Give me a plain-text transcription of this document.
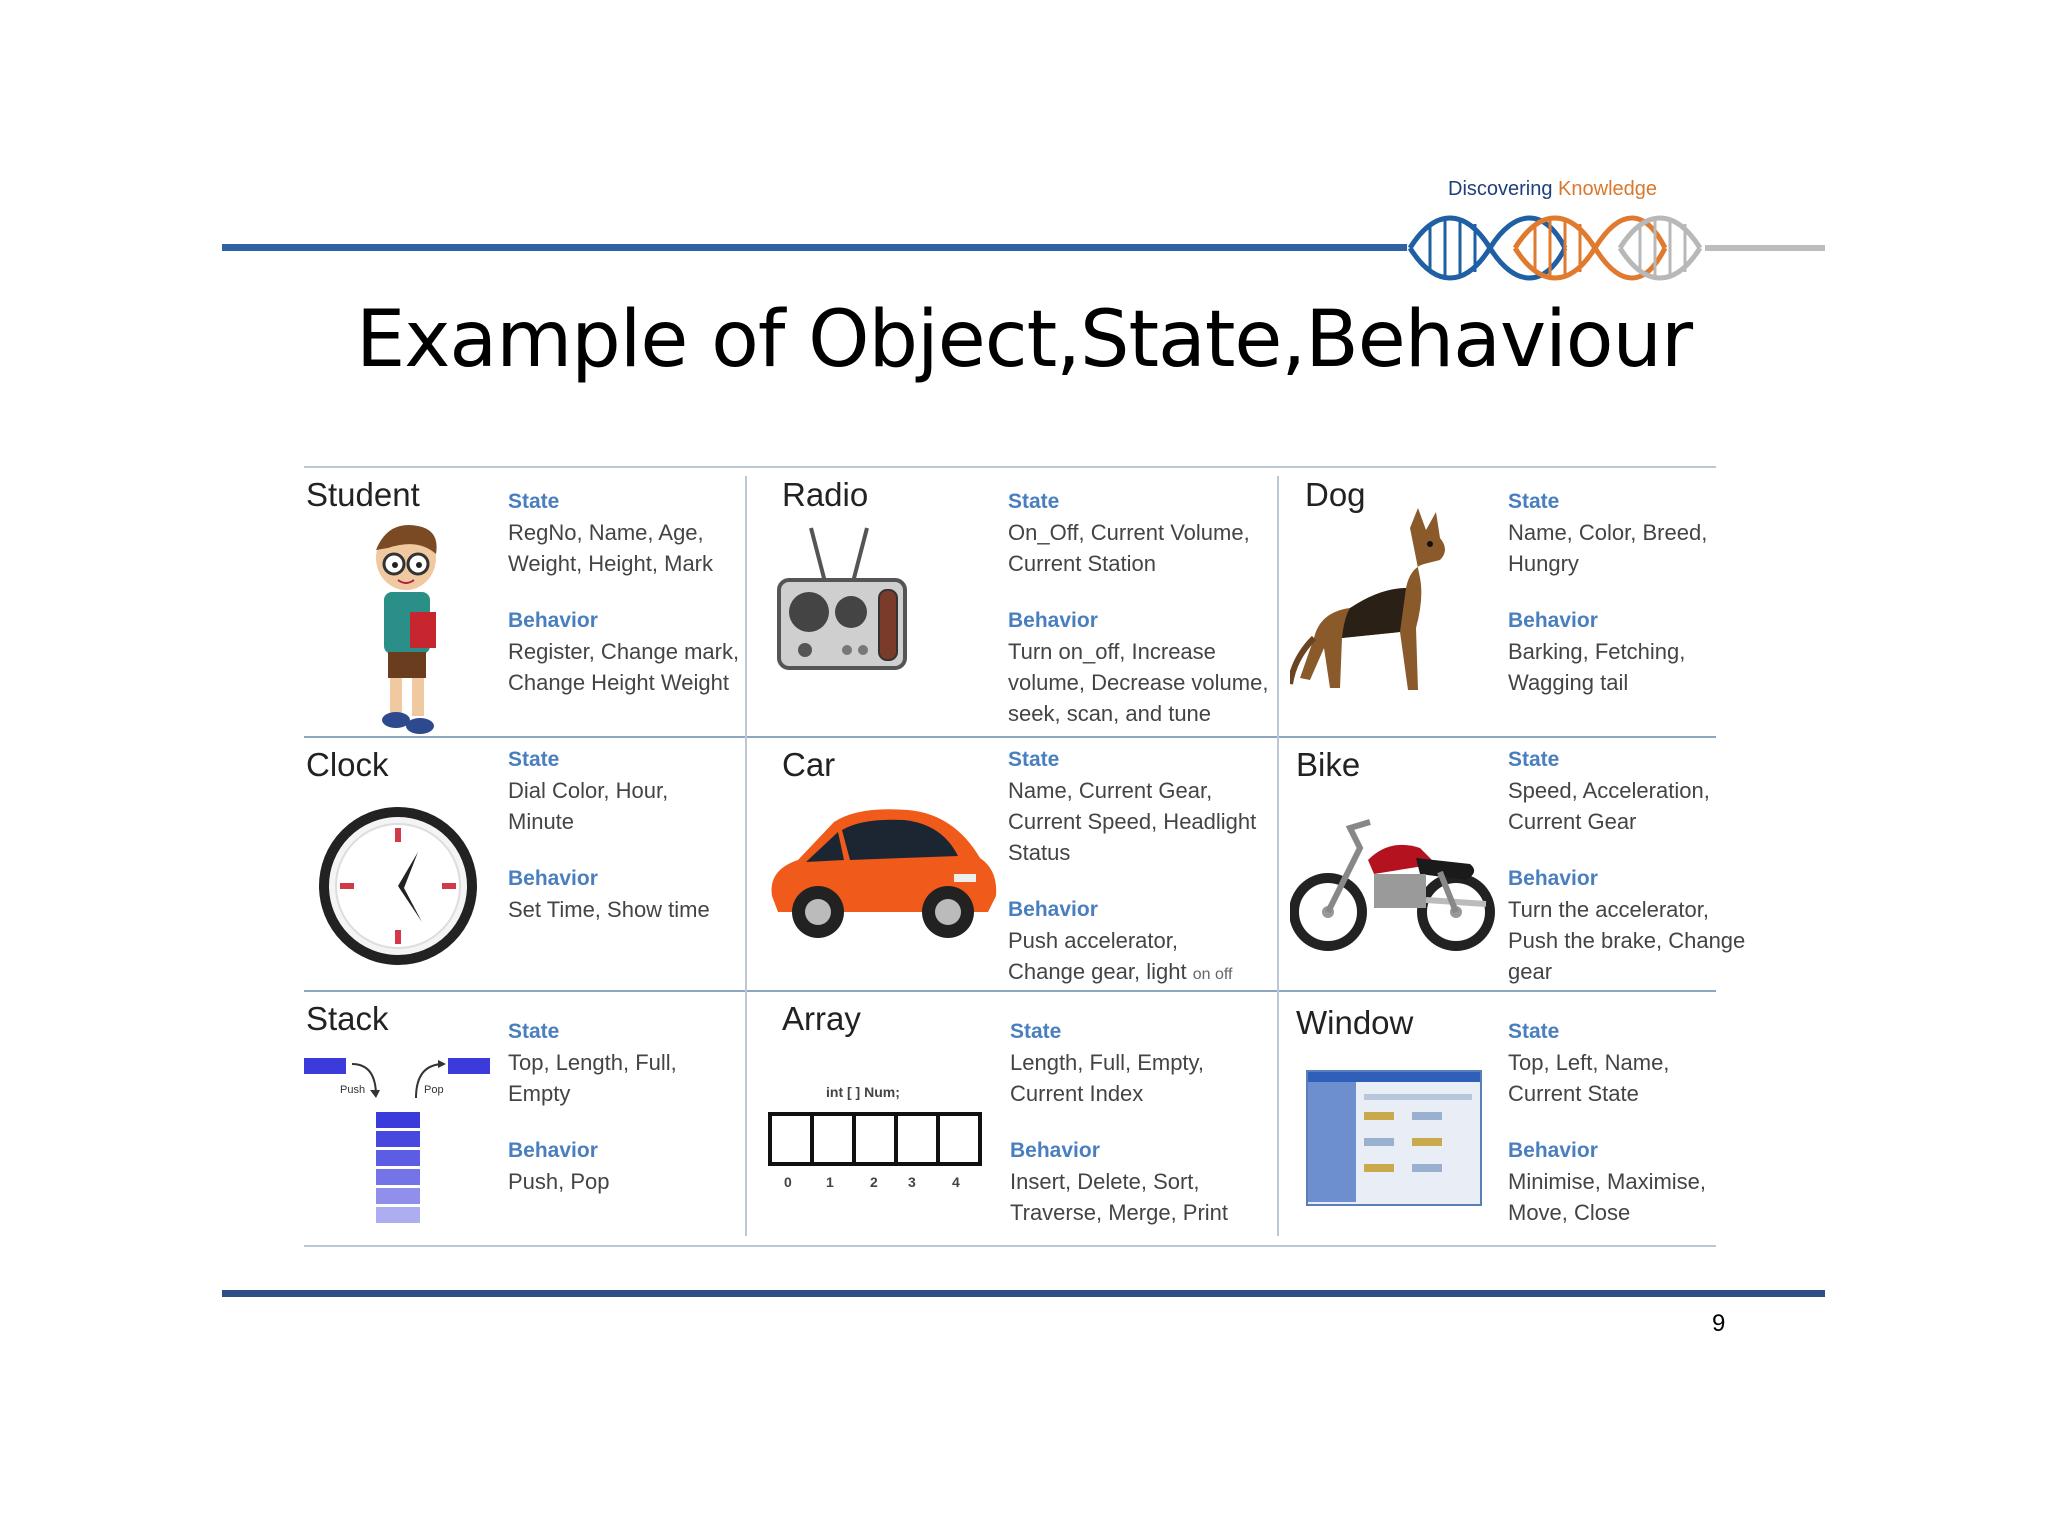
Discovering Knowledge
Example of Object,State,Behaviour
Student	State
RegNo, Name, Age,
Weight, Height, Mark
Behavior
Register, Change mark,
Change Height Weight
Radio	State
On_Off, Current Volume,
Current Station
Behavior
Turn on_off, Increase
volume, Decrease volume,
seek, scan, and tune
Dog	State
Name, Color, Breed,
Hungry
Behavior
Barking, Fetching,
Wagging tail
Clock	State
Dial Color, Hour,
Minute
Behavior
Set Time, Show time
Car	State
Name, Current Gear,
Current Speed, Headlight
Status
Behavior
Push accelerator,
Change gear, light on off
Bike	State
Speed, Acceleration,
Current Gear
Behavior
Turn the accelerator,
Push the brake, Change
gear
Stack
Push	Pop
State
Top, Length, Full,
Empty
Behavior
Push, Pop
Array
int [ ] Num;
0 1	2 3	4
State
Length, Full, Empty,
Current Index
Behavior
Insert, Delete, Sort,
Traverse, Merge, Print
Window	State
Top, Left, Name,
Current State
Behavior
Minimise, Maximise,
Move, Close
9
